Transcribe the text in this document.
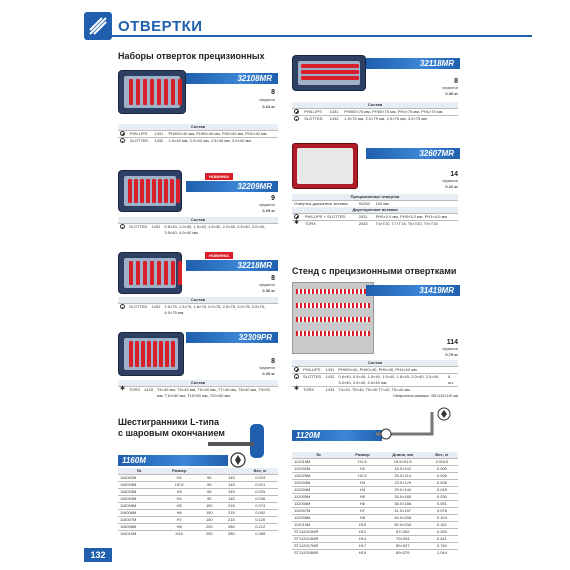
ОТВЕРТКИ
Наборы отверток прецизионных
32108MR
8
предметов
0.24 кг
Состав			
	PHILLIPS	1431	PH000×40 мм, PH00×40 мм, PH0×40 мм, PH1×40 мм
	SLOTTED	1432	1.5×40 мм, 2.0×40 мм, 2.5×40 мм, 3.0×40 мм
НОВИНКА
32209MR
9
предметов
0.29 кг
Состав
	SLOTTED	1432	0.8×40, 1.0×40, 1.5×40, 1.8×40, 2.0×40, 2.5×40, 3.0×40, 3.5×40, 4.0×40 мм
НОВИНКА
32218MR
8
предметов
0.36 кг
Состав
	SLOTTED	1432	1.0×75, 1.5×75, 1.8×75, 2.0×75, 2.5×75, 3.0×75, 3.5×75, 4.0×75 мм
32309PR
8
предметов
0.26 кг
Состав
✱	TORX	1433	T4×40 мм, T5×40 мм, T6×40 мм, T7×40 мм, T8×40 мм, T9×50 мм, T10×50 мм, T15×50 мм, T20×50 мм
32118MR
8
предметов
0.30 кг
Состав			
	PHILLIPS	1431	PH000×75 мм, PH00×75 мм, PH0×75 мм, PH1×75 мм
	SLOTTED	1432	1.5×75 мм, 2.0×75 мм, 2.5×75 мм, 3.0×75 мм
32607MR
14
предметов
0.22 кг
Прецизионные отвертки			
Отвертка-держатель вставок		91250	100 мм
Двусторонние вставки			
	PHILLIPS + SLOTTED	2431	PH0×2.0 мм, PH0×3.0 мм, PH1×4.0 мм
✱	TORX	2433	T4×T20, T7×T15, T6×T20, T9×T15
Стенд с прецизионными отвертками
31419MR
114
предметов
0.79 кг
Состав				
	PHILLIPS	1431	PH000×40, PH00×40, PH0×40, PH1×40 мм	
	SLOTTED	1432	0.6×40, 0.8×40, 1.0×40, 1.5×40, 1.8×40, 2.0×40, 2.5×40, 3.0×40, 3.5×40, 4.0×40 мм	6 шт.
✱	TORX	1433	T4×40, T5×40, T6×40 T7×40, T8×40 мм	
Габаритные размеры: 381×116×130 мм
Шестигранники L-типа
с шаровым окончанием
1160M
№	Размер			Вес, кг
116002M	H2	95	145	0.019
116025M	H2.5	95	145	0.021
116003M	H3	95	145	0.025
116004M	H4	95	145	0.036
116005M	H5	150	215	0.074
116006M	H6	150	215	0.092
116007M	H7	150	215	0.120
116008M	H8	200	280	0.212
116010M	H10	200	280	0.289
1120M
№	Размер	Длина, мм	Вес, кг
112015M	H1.5	15.5×91.5	0.0015
112002M	H2	18.0×102	0.005
112025M	H2.5	20.0×114	0.006
112003M	H3	23.0×129	0.008
112004M	H4	29.0×144	0.018
112005M	H5	33.0×165	0.030
112006M	H6	38.0×186	0.051
112007M	H7	41.0×197	0.078
112008M	H8	44.0×208	0.104
112010M	H10	50.0×234	0.162
ST112012MR	H12	57×262	0.283
ST112014MR	H14	70×294	0.441
ST112017MR	H17	80×337	0.740
ST112019MR	H19	89×379	1.044
132
